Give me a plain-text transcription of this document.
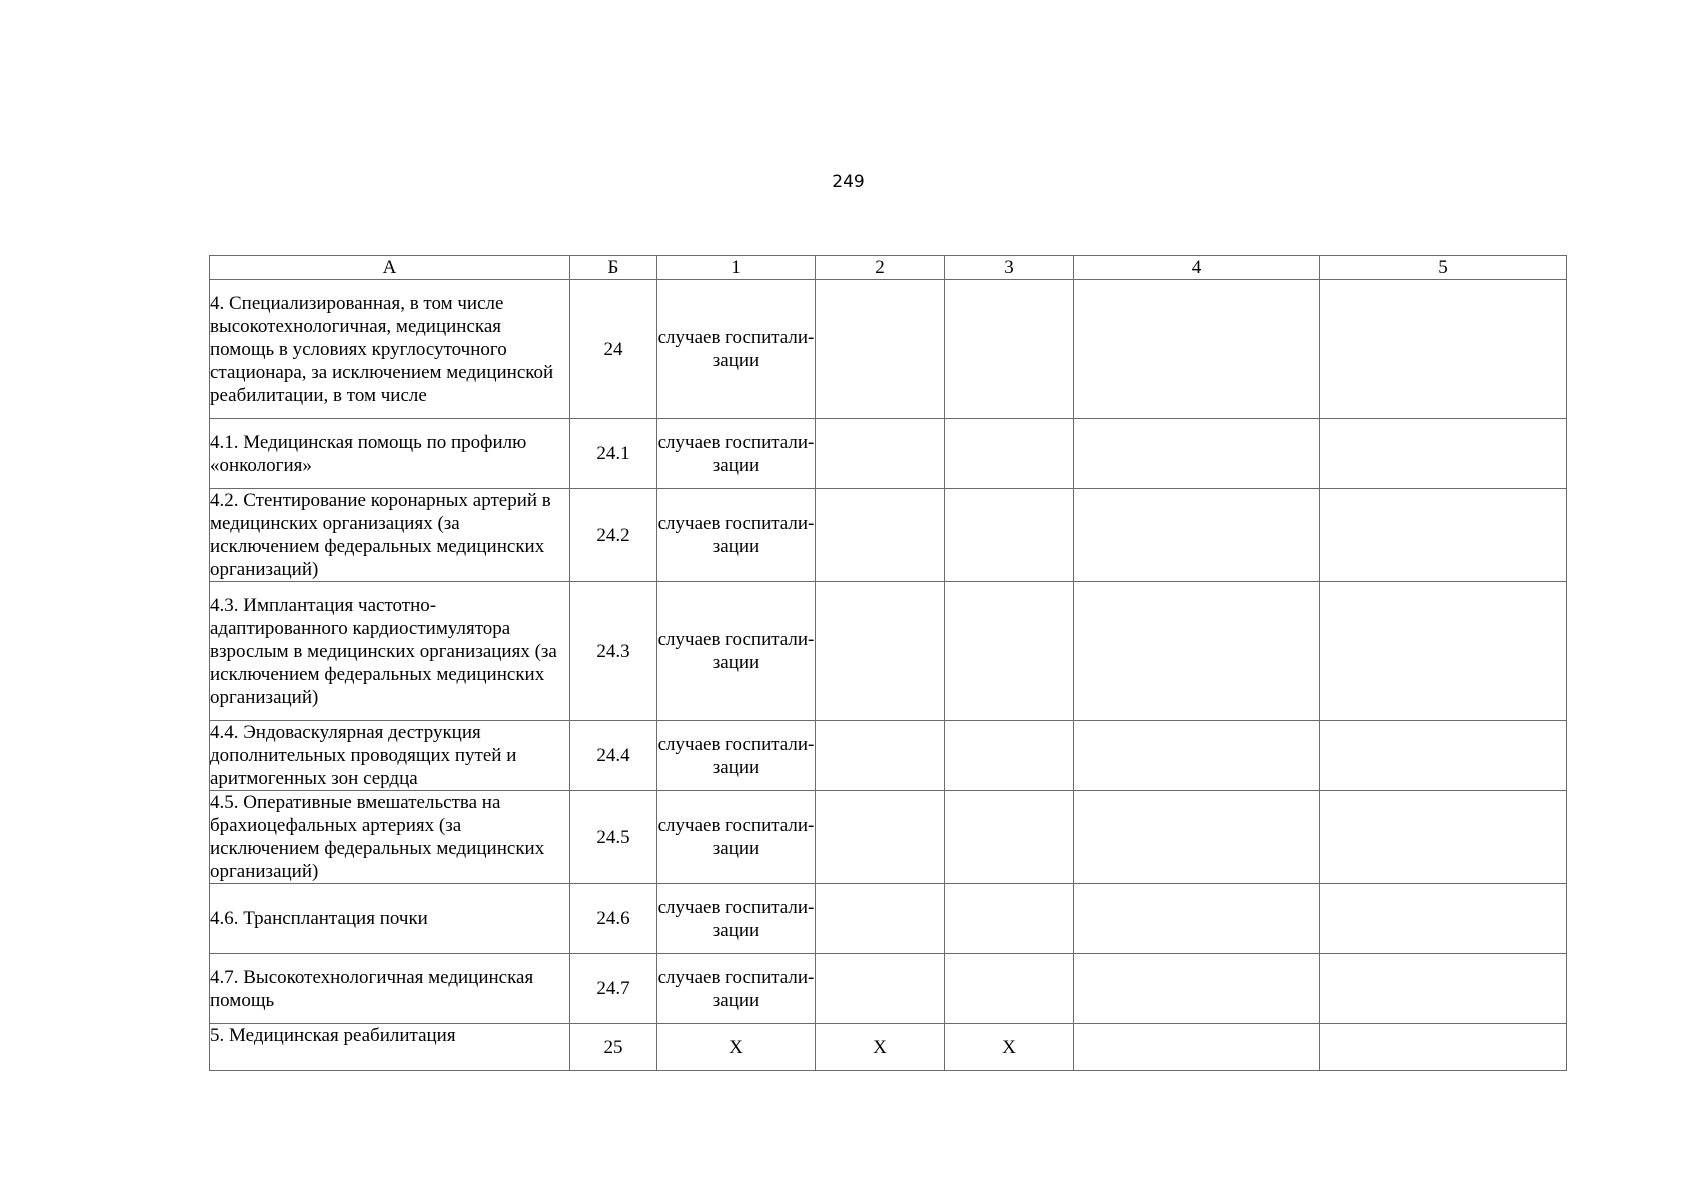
249
А	Б	1	2	3	4	5
4. Специализированная, в том числе высокотехнологичная, медицинская помощь в условиях круглосуточного стационара, за исключением медицинской реабилитации, в том числе	24	случаев госпитали-зации				
4.1. Медицинская помощь по профилю «онкология»	24.1	случаев госпитали-зации				
4.2. Стентирование коронарных артерий в медицинских организациях (за исключением федеральных медицинских организаций)	24.2	случаев госпитали-зации				
4.3. Имплантация частотно-адаптированного кардиостимулятора взрослым в медицинских организациях (за исключением федеральных медицинских организаций)	24.3	случаев госпитали-зации				
4.4. Эндоваскулярная деструкция дополнительных проводящих путей и аритмогенных зон сердца	24.4	случаев госпитали-зации				
4.5. Оперативные вмешательства на брахиоцефальных артериях (за исключением федеральных медицинских организаций)	24.5	случаев госпитали-зации				
4.6. Трансплантация почки	24.6	случаев госпитали-зации				
4.7. Высокотехнологичная медицинская помощь	24.7	случаев госпитали-зации				
5. Медицинская реабилитация	25	Х	Х	Х		
